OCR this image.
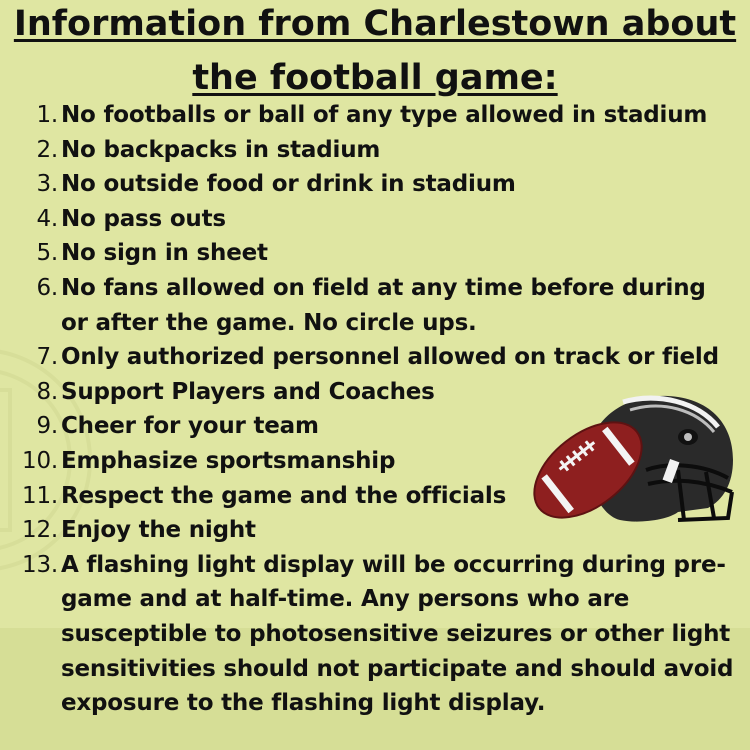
Information from Charlestown about
the football game:
1. No footballs or ball of any type allowed in stadium
2. No backpacks in stadium
3. No outside food or drink in stadium
4. No pass outs
5. No sign in sheet
6. No fans allowed on field at any time before during or after the game. No circle ups.
7. Only authorized personnel allowed on track or field
8. Support Players and Coaches
9. Cheer for your team
10. Emphasize sportsmanship
11. Respect the game and the officials
12. Enjoy the night
13. A flashing light display will be occurring during pre-game and at half-time. Any persons who are susceptible to photosensitive seizures or other light sensitivities should not participate and should avoid exposure to the flashing light display.
